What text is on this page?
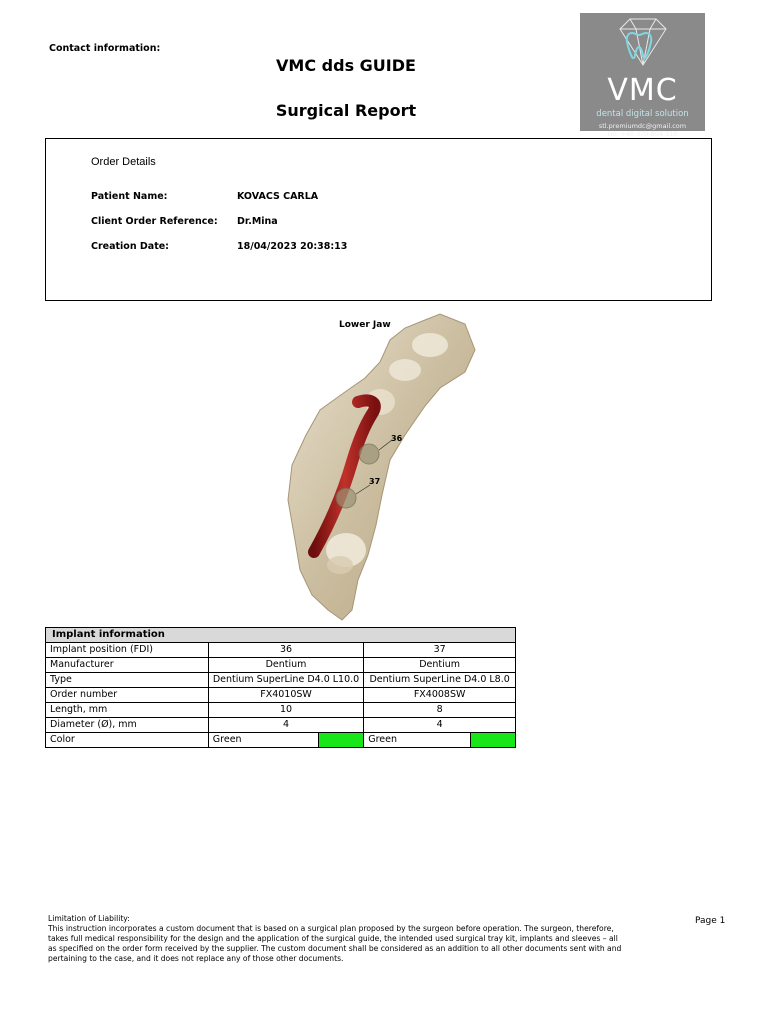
Contact information:
VMC dds GUIDE
Surgical Report
VMC
dental digital solution
stl.premiumdc@gmail.com
tel: +40 370 804 310
Order Details
Patient Name:	KOVACS CARLA
Client Order Reference: Dr.Mina
Creation Date:	18/04/2023 20:38:13
36
37
Lower Jaw
Implant information				
Implant position (FDI)	36		37	
Manufacturer	Dentium		Dentium	
Type	Dentium SuperLine D4.0 L10.0		Dentium SuperLine D4.0 L8.0	
Order number	FX4010SW		FX4008SW	
Length, mm	10		8	
Diameter (Ø), mm	4		4	
Color	Green		Green	
Limitation of Liability:
This instruction incorporates a custom document that is based on a surgical plan proposed by the surgeon before operation. The surgeon, therefore, takes full medical responsibility for the design and the application of the surgical guide, the intended used surgical tray kit, implants and sleeves – all as specified on the order form received by the supplier. The custom document shall be considered as an addition to all other documents sent with and pertaining to the case, and it does not replace any of those other documents.
Page 1
